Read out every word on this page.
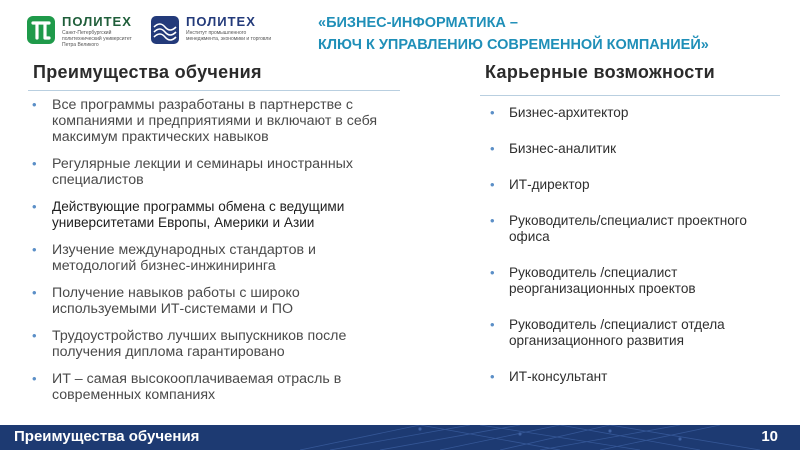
ПОЛИТЕХ
Санкт-Петербургский
политехнический университет
Петра Великого
ПОЛИТЕХ
Институт промышленного
менеджмента, экономики и торговли
«БИЗНЕС-ИНФОРМАТИКА –
КЛЮЧ К УПРАВЛЕНИЮ СОВРЕМЕННОЙ КОМПАНИЕЙ»
Преимущества обучения	Карьерные возможности
• Все программы разработаны в партнерстве с компаниями и предприятиями и включают в себя максимум практических навыков
• Регулярные лекции и семинары иностранных специалистов
• Действующие программы обмена с ведущими университетами Европы, Америки и Азии
• Изучение международных стандартов и методологий бизнес-инжиниринга
• Получение навыков работы с широко используемыми ИТ-системами и ПО
• Трудоустройство лучших выпускников после получения диплома гарантировано
• ИТ – самая высокооплачиваемая отрасль в современных компаниях
• Бизнес-архитектор
• Бизнес-аналитик
• ИТ-директор
• Руководитель/специалист проектного офиса
• Руководитель /специалист реорганизационных проектов
• Руководитель /специалист отдела организационного развития
• ИТ-консультант
Преимущества обучения	10
